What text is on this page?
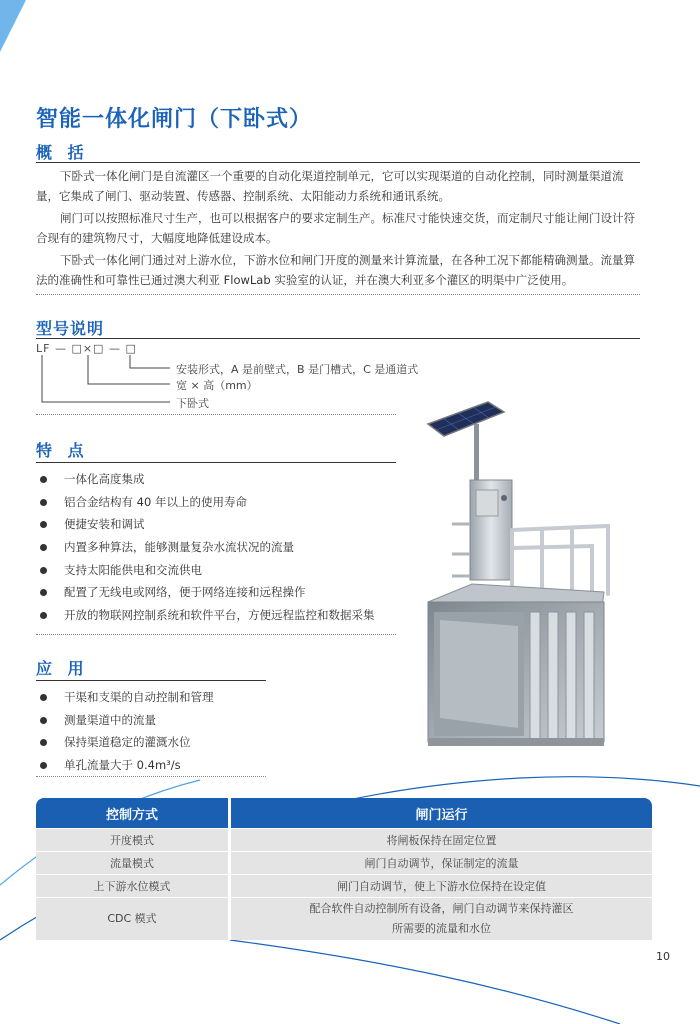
智能一体化闸门（下卧式）
概 括
下卧式一体化闸门是自流灌区一个重要的自动化渠道控制单元，它可以实现渠道的自动化控制，同时测量渠道流量，它集成了闸门、驱动装置、传感器、控制系统、太阳能动力系统和通讯系统。
闸门可以按照标准尺寸生产，也可以根据客户的要求定制生产。标准尺寸能快速交货，而定制尺寸能让闸门设计符合现有的建筑物尺寸，大幅度地降低建设成本。
下卧式一体化闸门通过对上游水位，下游水位和闸门开度的测量来计算流量，在各种工况下都能精确测量。流量算法的准确性和可靠性已通过澳大利亚 FlowLab 实验室的认证，并在澳大利亚多个灌区的明渠中广泛使用。
型号说明
LF — □×□ — □
安装形式，A 是前壁式，B 是门槽式，C 是通道式
宽 × 高（mm）
下卧式
特 点
一体化高度集成
铝合金结构有 40 年以上的使用寿命
便捷安装和调试
内置多种算法，能够测量复杂水流状况的流量
支持太阳能供电和交流供电
配置了无线电或网络，便于网络连接和远程操作
开放的物联网控制系统和软件平台，方便远程监控和数据采集
应 用
干渠和支渠的自动控制和管理
测量渠道中的流量
保持渠道稳定的灌溉水位
单孔流量大于 0.4m³/s
控制方式	闸门运行
开度模式	将闸板保持在固定位置
流量模式	闸门自动调节，保证制定的流量
上下游水位模式	闸门自动调节，使上下游水位保持在设定值
CDC 模式	配合软件自动控制所有设备，闸门自动调节来保持灌区
所需要的流量和水位
10
